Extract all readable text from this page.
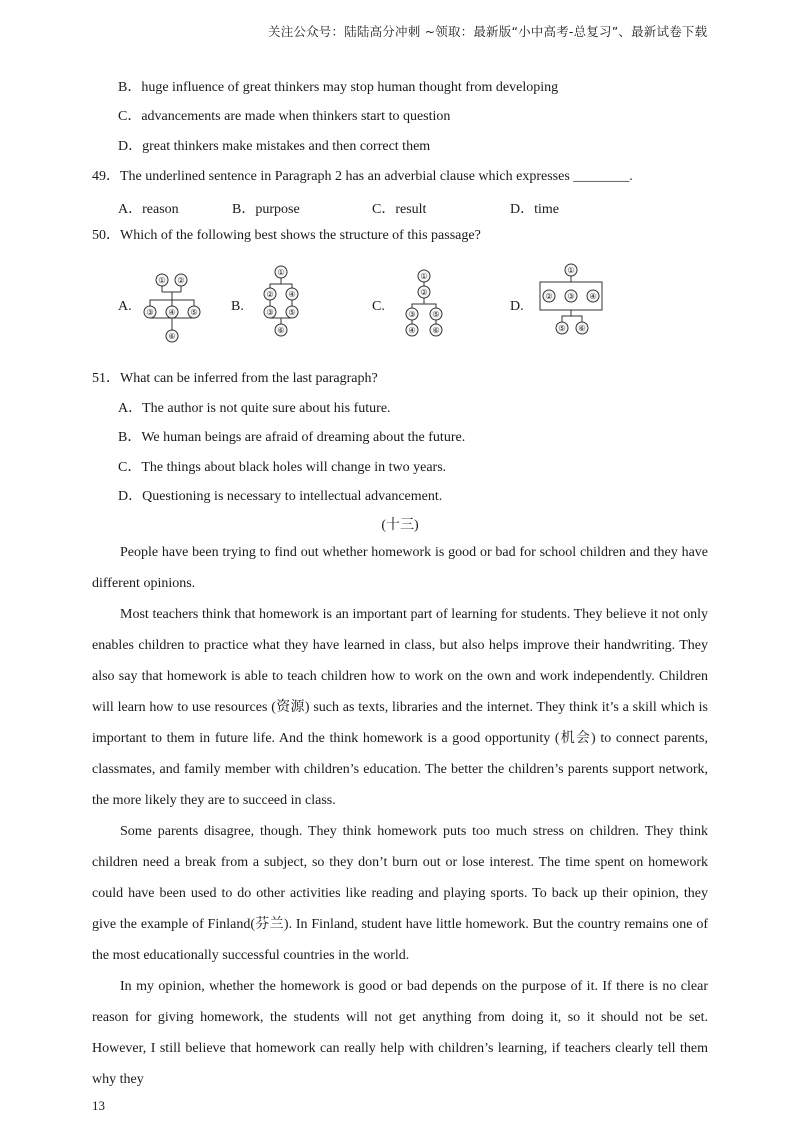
关注公众号：陆陆高分冲刺 ~领取：最新版“小中高考-总复习”、最新试卷下载
B．huge influence of great thinkers may stop human thought from developing
C．advancements are made when thinkers start to question
D．great thinkers make mistakes and then correct them
49．The underlined sentence in Paragraph 2 has an adverbial clause which expresses ________.
A．reason	B．purpose	C．result	D．time
50．Which of the following best shows the structure of this passage?
A.
① ②
③ ④ ⑤
⑥
B.
①
② ④
③ ⑤
⑥
C.
①
②
③ ⑤
④ ⑥
D.
①
② ③ ④
⑤ ⑥
51．What can be inferred from the last paragraph?
A．The author is not quite sure about his future.
B．We human beings are afraid of dreaming about the future.
C．The things about black holes will change in two years.
D．Questioning is necessary to intellectual advancement.
(十三)

People have been trying to find out whether homework is good or bad for school children and they have different opinions.

Most teachers think that homework is an important part of learning for students. They believe it not only enables children to practice what they have learned in class, but also helps improve their handwriting. They also say that homework is able to teach children how to work on the own and work independently. Children will learn how to use resources (资源) such as texts, libraries and the internet. They think it’s a skill which is important to them in future life. And the think homework is a good opportunity (机会) to connect parents, classmates, and family member with children’s education. The better the children’s parents support network, the more likely they are to succeed in class.

Some parents disagree, though. They think homework puts too much stress on children. They think children need a break from a subject, so they don’t burn out or lose interest. The time spent on homework could have been used to do other activities like reading and playing sports. To back up their opinion, they give the example of Finland(芬兰). In Finland, student have little homework. But the country remains one of the most educationally successful countries in the world.

In my opinion, whether the homework is good or bad depends on the purpose of it. If there is no clear reason for giving homework, the students will not get anything from doing it, so it should not be set. However, I still believe that homework can really help with children’s learning, if teachers clearly tell them why they

13
